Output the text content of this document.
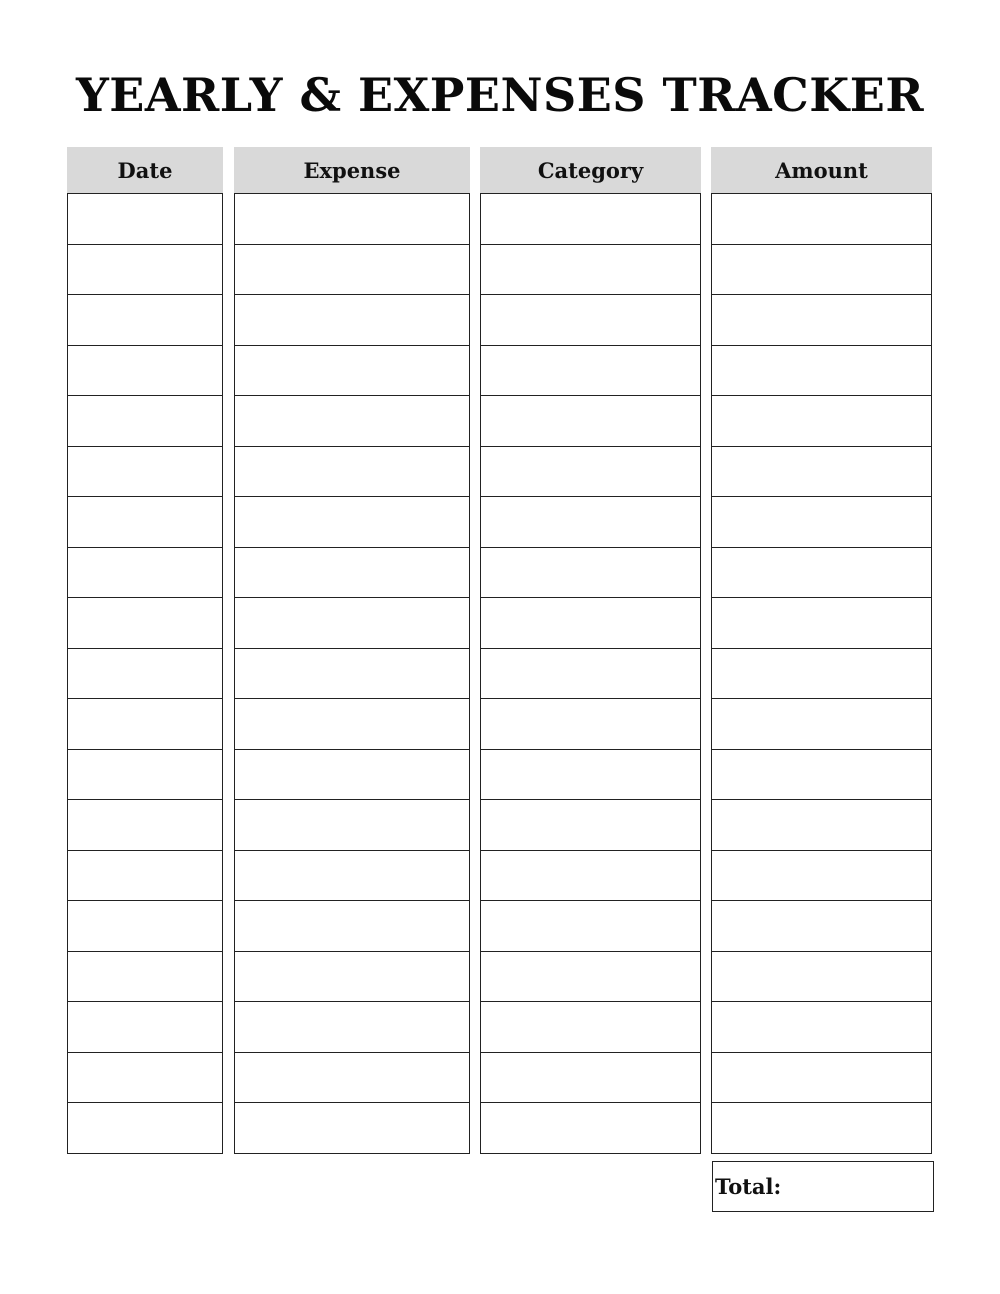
YEARLY & EXPENSES TRACKER
Date	Expense	Category	Amount
Total:
